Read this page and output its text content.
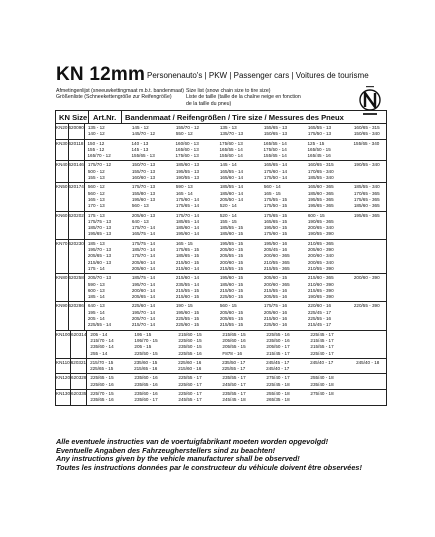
KN 12mm Personenauto's | PKW | Passenger cars | Voitures de tourisme
Afmetingenlijst (sneeuwkettingmaat m.b.t. bandenmaat)
Größenliste (Schneekettengröße zur Reifengröße)
Size list (snow chain size to tire size)
Liste de taille (taille de la chaîne neige en fonction
de la taille du pneu)
KN Size Art.Nr.	Bandenmaat / Reifengrößen / Tire size / Messures des Pneux
KN20 620090 135 - 12
140 - 12
145 - 12
145/70 - 12
155/70 - 12
550 - 12
135 - 13
135/70 - 13
155/65 - 13
150/65 - 13
165/55 - 13
175/50 - 13
160/65 - 315
150/65 - 340
KN30 620118 150 - 12
155 - 12
165/70 - 12
140 - 13
145 - 13
155/65 - 13
160/60 - 13
165/60 - 13
175/60 - 13
175/60 - 13
165/55 - 14
155/60 - 14
165/55 - 14
175/50 - 14
155/65 - 14
125 - 15
165/50 - 15
165/45 - 16
155/65 - 340
KN40 620146 175/70 - 12
500 - 12
155 - 13
150/70 - 13
155/70 - 13
160/60 - 13
185/60 - 13
195/55 - 13
190/55 - 13
145 - 14
165/55 - 14
165/60 - 14
165/65 - 14
175/60 - 14
175/50 - 14
160/65 - 315
170/65 - 340
185/55 - 340
190/55 - 340
KN50 620174 560 - 12
560 - 12
165 - 13
170 - 13
175/70 - 13
155/80 - 13
195/60 - 13
560 - 13
590 - 13
165 - 14
175/60 - 14
175/65 - 14
185/55 - 14
185/60 - 14
205/50 - 14
520 - 14
560 - 14
165 - 15
175/55 - 15
175/50 - 15
165/60 - 365
185/60 - 365
195/55 - 365
195/65 - 365
185/55 - 340
170/65 - 365
175/65 - 365
185/60 - 365
KN60 620202 175 - 13
175/75 - 13
185/70 - 13
195/65 - 13
205/60 - 13
640 - 13
175/70 - 14
165/75 - 14
175/70 - 14
185/65 - 14
185/60 - 14
195/60 - 14
520 - 14
155 - 15
185/55 - 15
185/60 - 15
175/65 - 15
165/65 - 15
195/50 - 15
175/60 - 15
600 - 15
190/65 - 365
200/65 - 340
190/55 - 390
195/65 - 365
KN70 620230 185 - 13
195/70 - 13
205/65 - 13
215/60 - 13
175 - 14
175/75 - 14
185/70 - 14
175/70 - 14
205/60 - 14
205/60 - 14
165 - 15
175/65 - 15
185/65 - 15
215/50 - 15
215/60 - 14
195/55 - 15
205/50 - 15
205/55 - 15
200/60 - 15
215/55 - 15
195/50 - 16
205/45 - 16
200/60 - 365
210/55 - 365
215/55 - 365
210/65 - 365
205/60 - 390
200/60 - 340
200/65 - 340
210/55 - 390
KN80 620258 205/70 - 13
590 - 13
600 - 13
185 - 14
185/75 - 14
195/70 - 14
200/60 - 14
205/65 - 14
215/60 - 14
235/55 - 14
215/55 - 15
215/60 - 15
195/60 - 15
185/60 - 15
215/50 - 15
225/50 - 15
205/60 - 15
200/60 - 365
215/55 - 16
205/55 - 16
215/60 - 365
210/60 - 390
215/65 - 390
190/65 - 390
200/60 - 390
KN90 620286 640 - 13
195 - 14
205 - 14
225/55 - 14
225/60 - 14
195/70 - 14
205/70 - 14
215/70 - 14
190 - 15
195/60 - 15
225/55 - 15
225/60 - 15
560 - 15
205/60 - 15
205/65 - 15
215/55 - 15
175/75 - 16
205/60 - 16
215/50 - 16
225/50 - 16
220/60 - 16
225/45 - 17
225/55 - 16
215/45 - 17
220/55 - 390
KN100 620314 205 - 14
215/70 - 14
235/60 - 14
255 - 14
195 - 15
195/70 - 15
205 - 15
225/50 - 15
215/60 - 15
225/60 - 15
235/50 - 15
225/55 - 16
215/65 - 15
205/60 - 16
205/55 - 15
F878 - 16
225/55 - 16
235/50 - 16
205/50 - 17
215/45 - 17
225/45 - 17
215/45 - 17
215/55 - 17
225/40 - 17
KN110 620321 215/70 - 15
225/65 - 15
235/60 - 15
215/65 - 16
225/60 - 16
215/60 - 16
235/50 - 17
225/55 - 17
245/45 - 17
245/40 - 17
245/40 - 17	245/40 - 18
KN120 620328 225/65 - 15
225/60 - 16
235/60 - 16
235/65 - 16
225/55 - 17
225/60 - 17
235/55 - 17
245/50 - 17
275/40 - 17
225/45 - 18
255/40 - 18
235/40 - 18
KN130 620335 225/70 - 15
235/65 - 16
235/60 - 16
235/60 - 17
225/60 - 17
245/55 - 17
235/55 - 17
245/45 - 18
255/40 - 18
265/35 - 18
275/40 - 18
Alle eventuele instructies van de voertuigfabrikant moeten worden opgevolgd!
Eventuelle Angaben des Fahrzeugherstellers sind zu beachten!
Any instructions given by the vehicle manufacturer shall be observed!
Toutes les instructions données par le constructeur du véhicule doivent être observées!
